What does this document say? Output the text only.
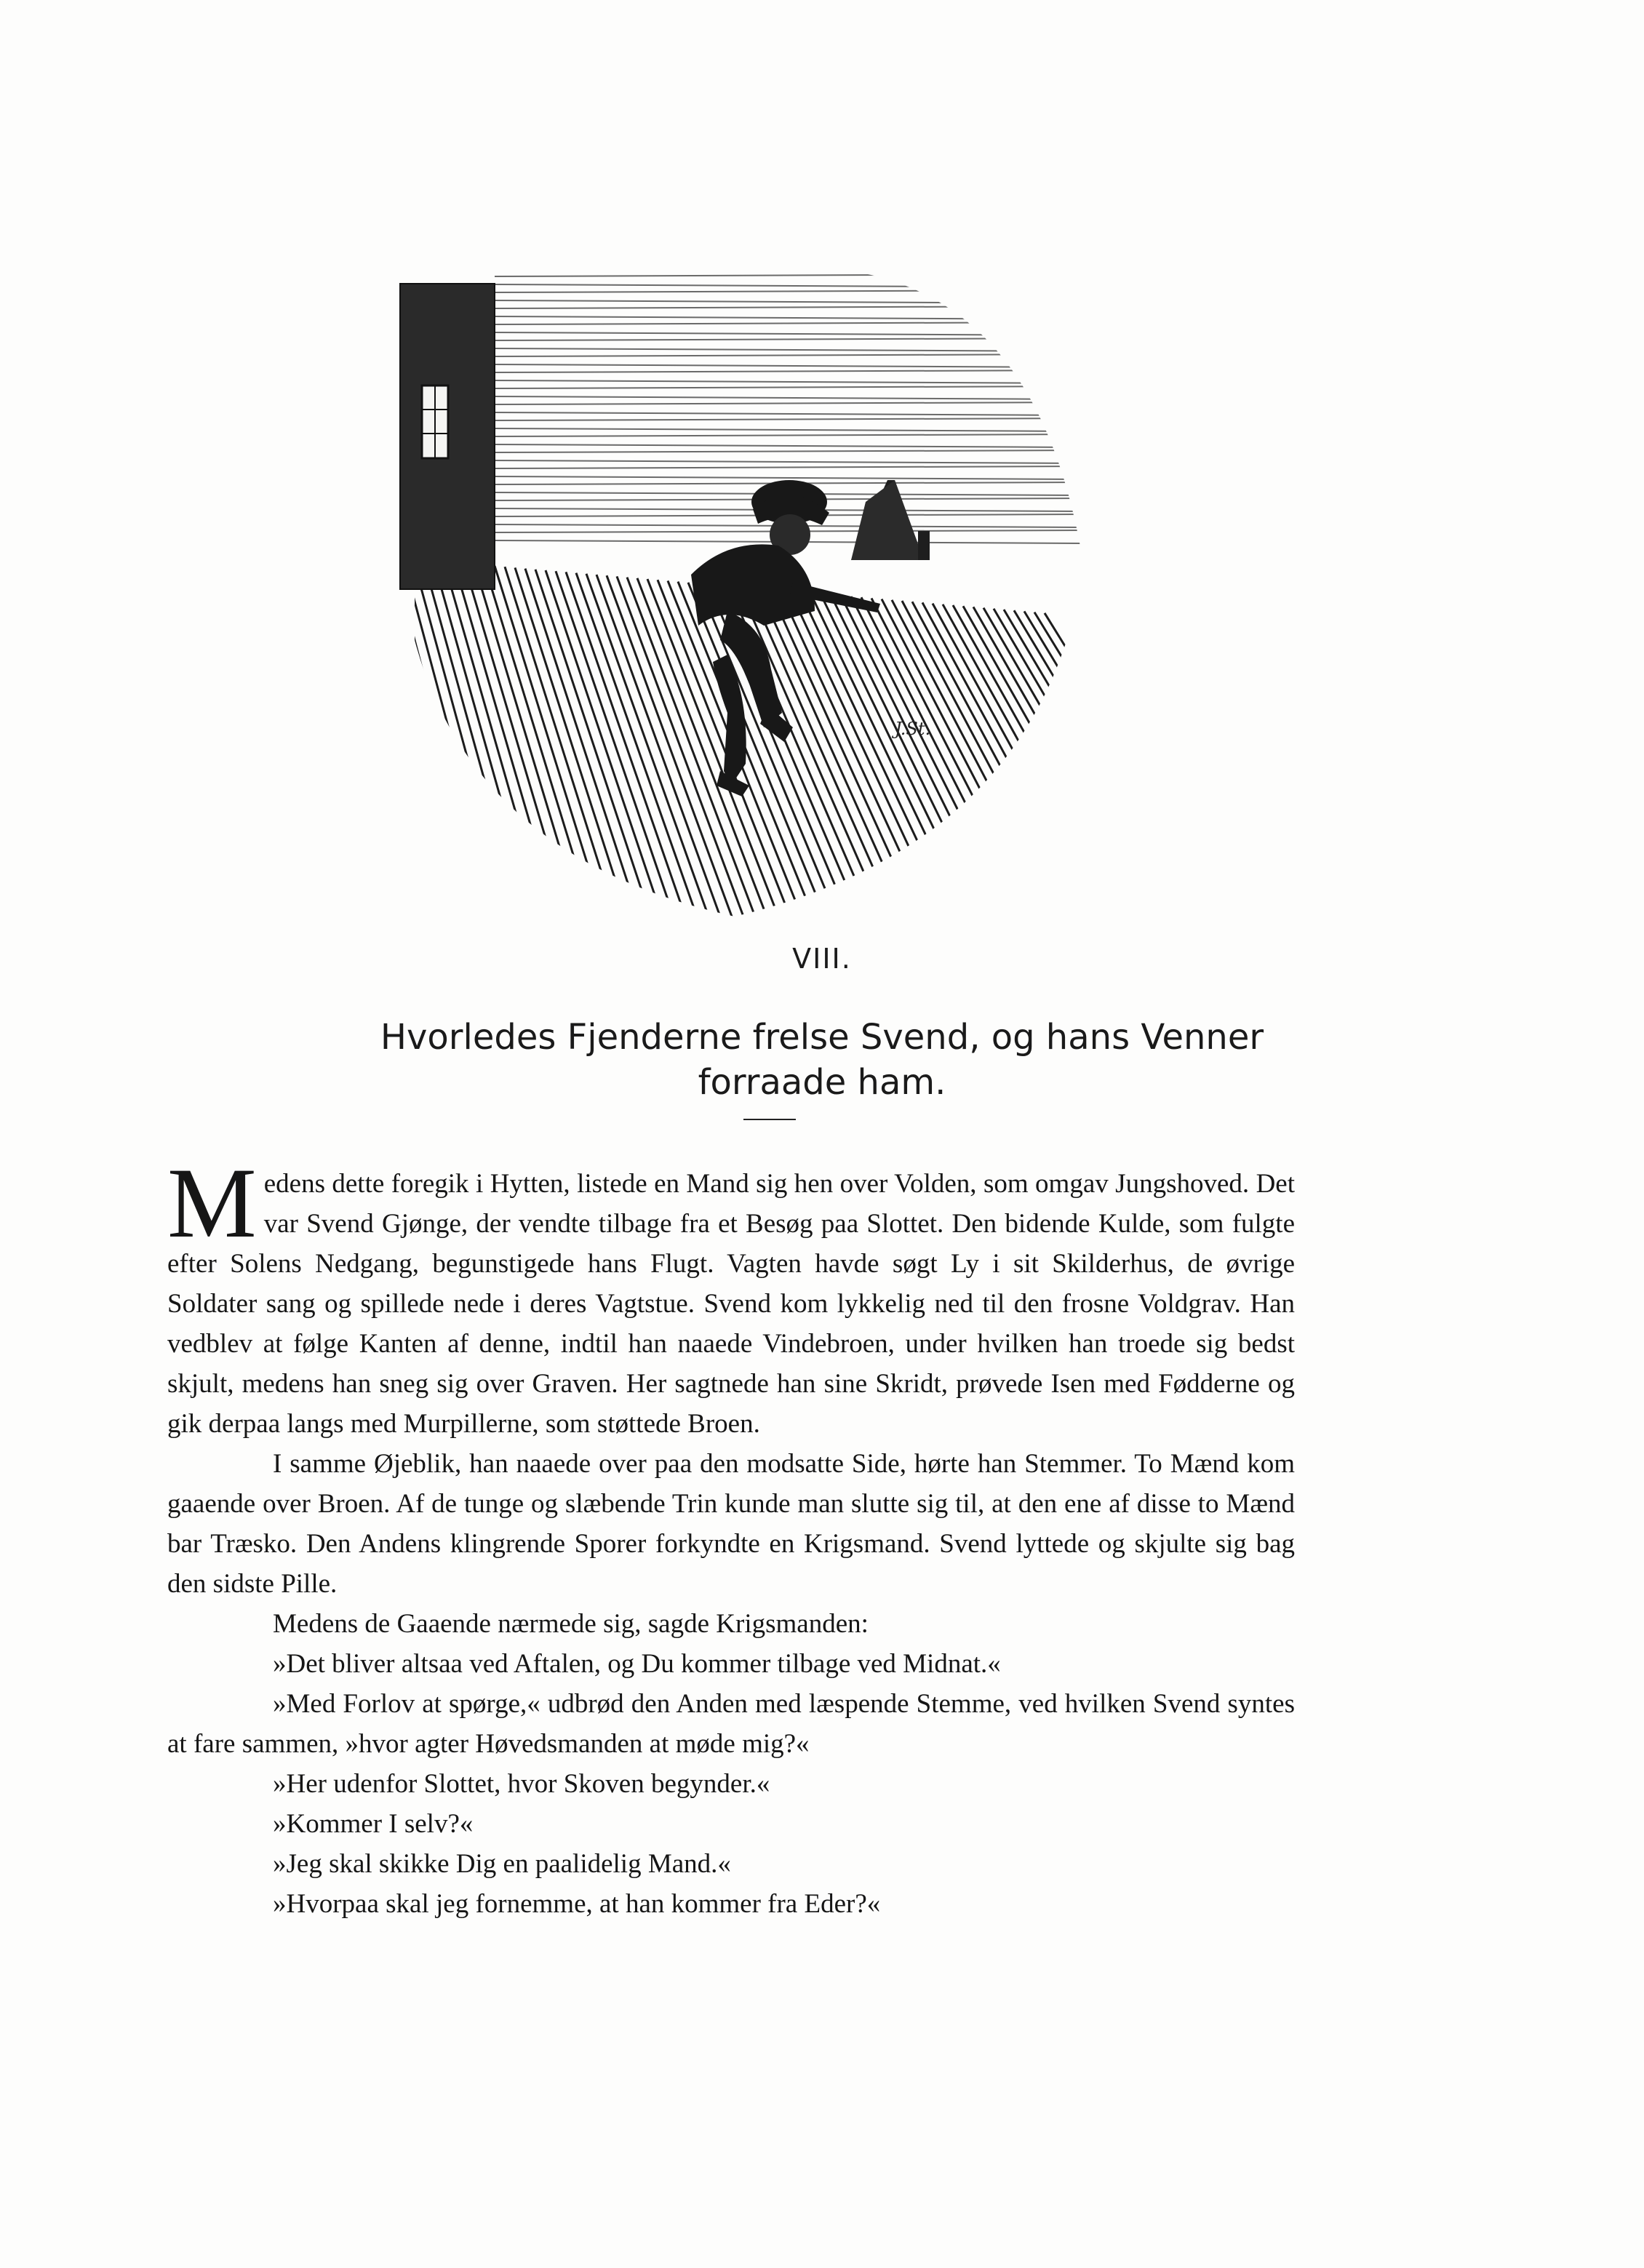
J.St.
VIII.
Hvorledes Fjenderne frelse Svend, og hans Venner
forraade ham.

Medens dette foregik i Hytten, listede en Mand sig hen over Volden, som omgav Jungshoved. Det var Svend Gjønge, der vendte tilbage fra et Besøg paa Slottet. Den bidende Kulde, som fulgte efter Solens Nedgang, begunstigede hans Flugt. Vagten havde søgt Ly i sit Skilderhus, de øvrige Soldater sang og spillede nede i deres Vagtstue. Svend kom lykkelig ned til den frosne Voldgrav. Han vedblev at følge Kanten af denne, indtil han naaede Vindebroen, under hvilken han troede sig bedst skjult, medens han sneg sig over Graven. Her sagtnede han sine Skridt, prøvede Isen med Fødderne og gik derpaa langs med Murpillerne, som støttede Broen.

I samme Øjeblik, han naaede over paa den modsatte Side, hørte han Stemmer. To Mænd kom gaaende over Broen. Af de tunge og slæbende Trin kunde man slutte sig til, at den ene af disse to Mænd bar Træsko. Den Andens klingrende Sporer forkyndte en Krigsmand. Svend lyttede og skjulte sig bag den sidste Pille.

Medens de Gaaende nærmede sig, sagde Krigsmanden:

»Det bliver altsaa ved Aftalen, og Du kommer tilbage ved Midnat.«

»Med Forlov at spørge,« udbrød den Anden med læspende Stemme, ved hvilken Svend syntes at fare sammen, »hvor agter Høvedsmanden at møde mig?«

»Her udenfor Slottet, hvor Skoven begynder.«

»Kommer I selv?«

»Jeg skal skikke Dig en paalidelig Mand.«

»Hvorpaa skal jeg fornemme, at han kommer fra Eder?«
